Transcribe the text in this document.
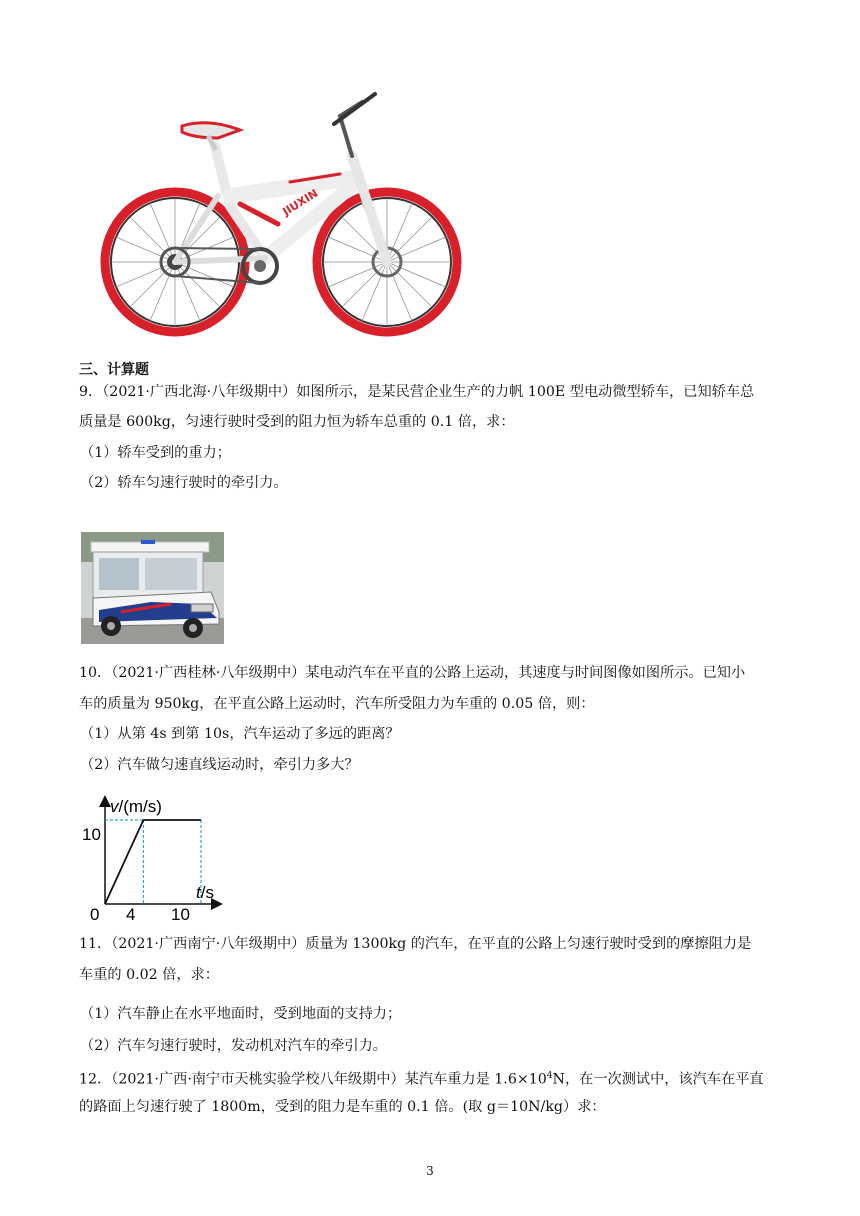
JIUXIN
三、计算题
9．（2021·广西北海·八年级期中）如图所示，是某民营企业生产的力帆 100E 型电动微型轿车，已知轿车总
质量是 600kg，匀速行驶时受到的阻力恒为轿车总重的 0.1 倍，求：
（1）轿车受到的重力；
（2）轿车匀速行驶时的牵引力。
10．（2021·广西桂林·八年级期中）某电动汽车在平直的公路上运动，其速度与时间图像如图所示。已知小
车的质量为 950kg，在平直公路上运动时，汽车所受阻力为车重的 0.05 倍，则：
（1）从第 4s 到第 10s，汽车运动了多远的距离？
（2）汽车做匀速直线运动时，牵引力多大？
v/(m/s)
10
t/s
0 4 10
11．（2021·广西南宁·八年级期中）质量为 1300kg 的汽车，在平直的公路上匀速行驶时受到的摩擦阻力是
车重的 0.02 倍，求：
（1）汽车静止在水平地面时，受到地面的支持力；
（2）汽车匀速行驶时，发动机对汽车的牵引力。
12．（2021·广西·南宁市天桃实验学校八年级期中）某汽车重力是 $1.6\times 10^4N$，在一次测试中，该汽车在平直
的路面上匀速行驶了 1800m，受到的阻力是车重的 0.1 倍。(取 g＝10N/kg）求：
3
